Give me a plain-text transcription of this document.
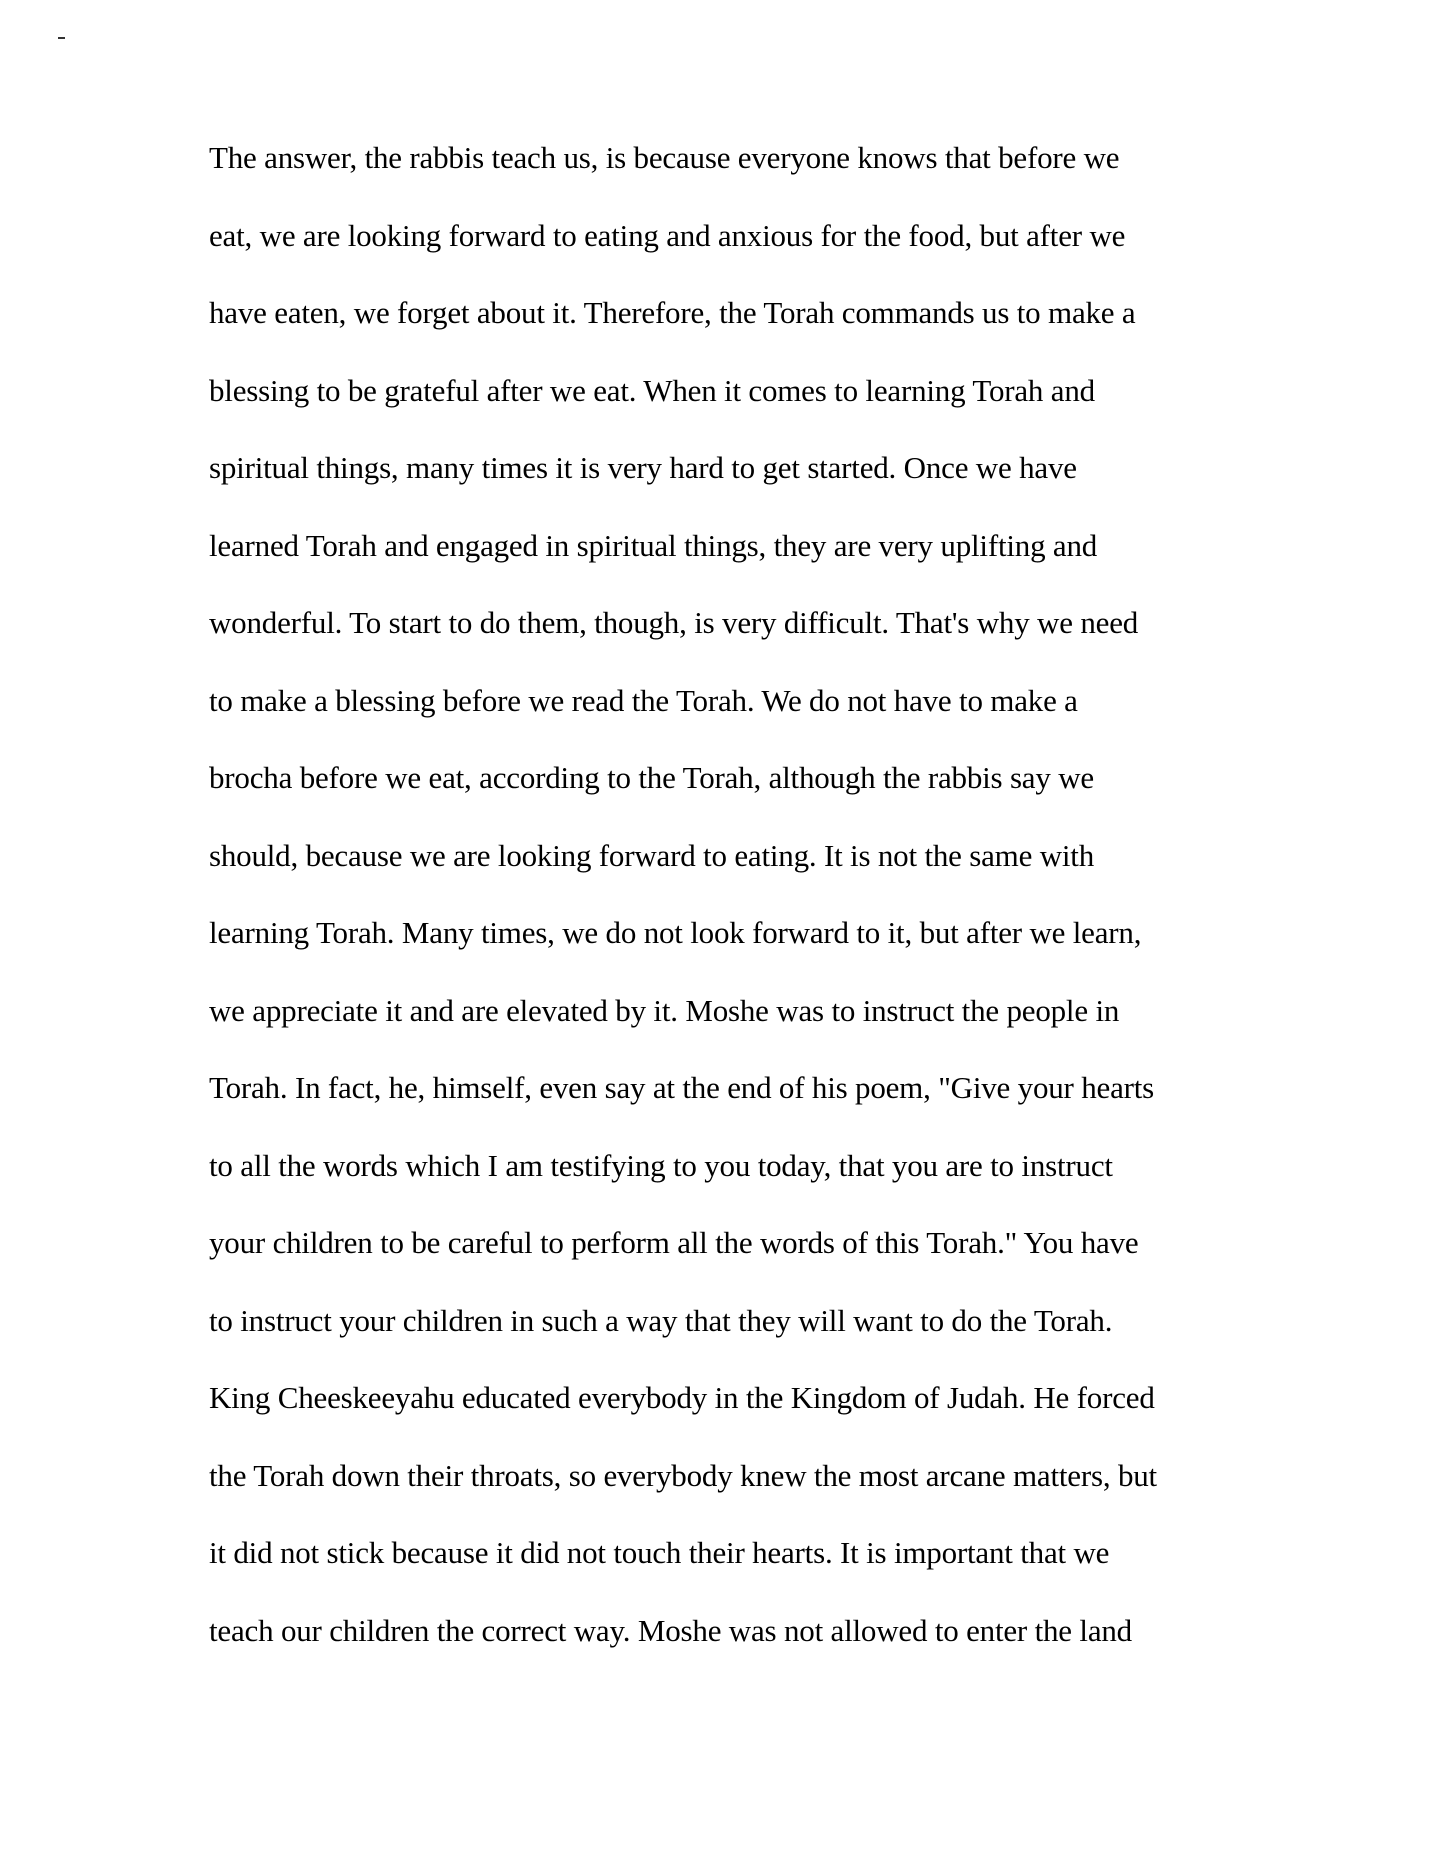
The answer, the rabbis teach us, is because everyone knows that before we
eat, we are looking forward to eating and anxious for the food, but after we
have eaten, we forget about it. Therefore, the Torah commands us to make a
blessing to be grateful after we eat. When it comes to learning Torah and
spiritual things, many times it is very hard to get started. Once we have
learned Torah and engaged in spiritual things, they are very uplifting and
wonderful. To start to do them, though, is very difficult. That's why we need
to make a blessing before we read the Torah. We do not have to make a
brocha before we eat, according to the Torah, although the rabbis say we
should, because we are looking forward to eating. It is not the same with
learning Torah. Many times, we do not look forward to it, but after we learn,
we appreciate it and are elevated by it. Moshe was to instruct the people in
Torah. In fact, he, himself, even say at the end of his poem, "Give your hearts
to all the words which I am testifying to you today, that you are to instruct
your children to be careful to perform all the words of this Torah." You have
to instruct your children in such a way that they will want to do the Torah.
King Cheeskeeyahu educated everybody in the Kingdom of Judah. He forced
the Torah down their throats, so everybody knew the most arcane matters, but
it did not stick because it did not touch their hearts. It is important that we
teach our children the correct way. Moshe was not allowed to enter the land
